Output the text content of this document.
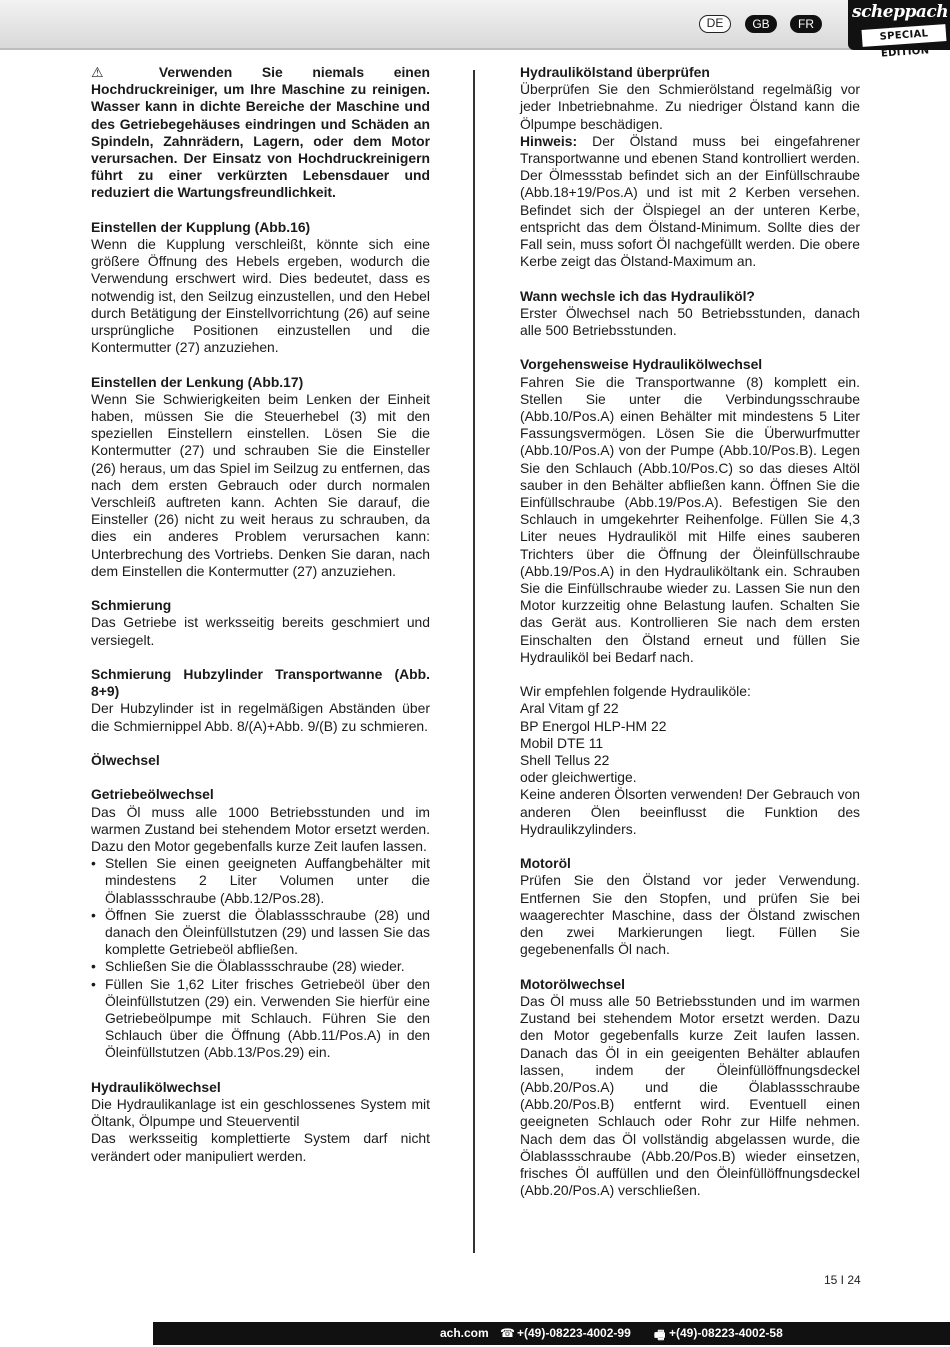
DE	GB	FR
scheppach
SPECIAL EDITION

⚠ Verwenden Sie niemals einen Hochdruckreiniger, um Ihre Maschine zu reinigen. Wasser kann in dichte Bereiche der Maschine und des Getriebegehäuses eindringen und Schäden an Spindeln, Zahnrädern, Lagern, oder dem Motor verursachen. Der Einsatz von Hochdruckreinigern führt zu einer verkürzten Lebensdauer und reduziert die Wartungsfreundlichkeit.

Einstellen der Kupplung (Abb.16)

Wenn die Kupplung verschleißt, könnte sich eine größere Öffnung des Hebels ergeben, wodurch die Verwendung erschwert wird. Dies bedeutet, dass es notwendig ist, den Seilzug einzustellen, und den Hebel durch Betätigung der Einstellvorrichtung (26) auf seine ursprüngliche Positionen einzustellen und die Kontermutter (27) anzuziehen.

Einstellen der Lenkung (Abb.17)

Wenn Sie Schwierigkeiten beim Lenken der Einheit haben, müssen Sie die Steuerhebel (3) mit den speziellen Einstellern einstellen. Lösen Sie die Kontermutter (27) und schrauben Sie die Einsteller (26) heraus, um das Spiel im Seilzug zu entfernen, das nach dem ersten Gebrauch oder durch normalen Verschleiß auftreten kann. Achten Sie darauf, die Einsteller (26) nicht zu weit heraus zu schrauben, da dies ein anderes Problem verursachen kann: Unterbrechung des Vortriebs. Denken Sie daran, nach dem Einstellen die Kontermutter (27) anzuziehen.

Schmierung

Das Getriebe ist werksseitig bereits geschmiert und versiegelt.

Schmierung Hubzylinder Transportwanne (Abb. 8+9)

Der Hubzylinder ist in regelmäßigen Abständen über die Schmiernippel Abb. 8/(A)+Abb. 9/(B) zu schmieren.

Ölwechsel
Getriebeölwechsel

Das Öl muss alle 1000 Betriebsstunden und im warmen Zustand bei stehendem Motor ersetzt werden. Dazu den Motor gegebenfalls kurze Zeit laufen lassen.

• Stellen Sie einen geeigneten Auffangbehälter mit mindestens 2 Liter Volumen unter die Ölablassschraube (Abb.12/Pos.28).
• Öffnen Sie zuerst die Ölablassschraube (28) und danach den Öleinfüllstutzen (29) und lassen Sie das komplette Getriebeöl abfließen.
• Schließen Sie die Ölablassschraube (28) wieder.
• Füllen Sie 1,62 Liter frisches Getriebeöl über den Öleinfüllstutzen (29) ein. Verwenden Sie hierfür eine Getriebeölpumpe mit Schlauch. Führen Sie den Schlauch über die Öffnung (Abb.11/Pos.A) in den Öleinfüllstutzen (Abb.13/Pos.29) ein.
Hydraulikölwechsel

Die Hydraulikanlage ist ein geschlossenes System mit Öltank, Ölpumpe und Steuerventil

Das werksseitig komplettierte System darf nicht verändert oder manipuliert werden.

Hydraulikölstand überprüfen

Überprüfen Sie den Schmierölstand regelmäßig vor jeder Inbetriebnahme. Zu niedriger Ölstand kann die Ölpumpe beschädigen.

Hinweis: Der Ölstand muss bei eingefahrener Transportwanne und ebenen Stand kontrolliert werden. Der Ölmessstab befindet sich an der Einfüllschraube (Abb.18+19/Pos.A) und ist mit 2 Kerben versehen. Befindet sich der Ölspiegel an der unteren Kerbe, entspricht das dem Ölstand-Minimum. Sollte dies der Fall sein, muss sofort Öl nachgefüllt werden. Die obere Kerbe zeigt das Ölstand-Maximum an.

Wann wechsle ich das Hydrauliköl?

Erster Ölwechsel nach 50 Betriebsstunden, danach alle 500 Betriebsstunden.

Vorgehensweise Hydraulikölwechsel

Fahren Sie die Transportwanne (8) komplett ein. Stellen Sie unter die Verbindungsschraube (Abb.10/Pos.A) einen Behälter mit mindestens 5 Liter Fassungsvermögen. Lösen Sie die Überwurfmutter (Abb.10/Pos.A) von der Pumpe (Abb.10/Pos.B). Legen Sie den Schlauch (Abb.10/Pos.C) so das dieses Altöl sauber in den Behälter abfließen kann. Öffnen Sie die Einfüllschraube (Abb.19/Pos.A). Befestigen Sie den Schlauch in umgekehrter Reihenfolge. Füllen Sie 4,3 Liter neues Hydrauliköl mit Hilfe eines sauberen Trichters über die Öffnung der Öleinfüllschraube (Abb.19/Pos.A) in den Hydrauliköltank ein. Schrauben Sie die Einfüllschraube wieder zu. Lassen Sie nun den Motor kurzzeitig ohne Belastung laufen. Schalten Sie das Gerät aus. Kontrollieren Sie nach dem ersten Einschalten den Ölstand erneut und füllen Sie Hydrauliköl bei Bedarf nach.

Wir empfehlen folgende Hydrauliköle:

Aral Vitam gf 22
BP Energol HLP-HM 22
Mobil DTE 11
Shell Tellus 22
oder gleichwertige.

Keine anderen Ölsorten verwenden! Der Gebrauch von anderen Ölen beeinflusst die Funktion des Hydraulikzylinders.

Motoröl

Prüfen Sie den Ölstand vor jeder Verwendung. Entfernen Sie den Stopfen, und prüfen Sie bei waagerechter Maschine, dass der Ölstand zwischen den zwei Markierungen liegt. Füllen Sie gegebenenfalls Öl nach.

Motorölwechsel

Das Öl muss alle 50 Betriebsstunden und im warmen Zustand bei stehendem Motor ersetzt werden. Dazu den Motor gegebenfalls kurze Zeit laufen lassen. Danach das Öl in ein geeigenten Behälter ablaufen lassen, indem der Öleinfüllöffnungsdeckel (Abb.20/Pos.A) und die Ölablassschraube (Abb.20/Pos.B) entfernt wird. Eventuell einen geeigneten Schlauch oder Rohr zur Hilfe nehmen. Nach dem das Öl vollständig abgelassen wurde, die Ölablassschraube (Abb.20/Pos.B) wieder einsetzen, frisches Öl auffüllen und den Öleinfüllöffnungsdeckel (Abb.20/Pos.A) verschließen.

15 I 24
ach.com ☎ +(49)-08223-4002-99 🖷 +(49)-08223-4002-58
